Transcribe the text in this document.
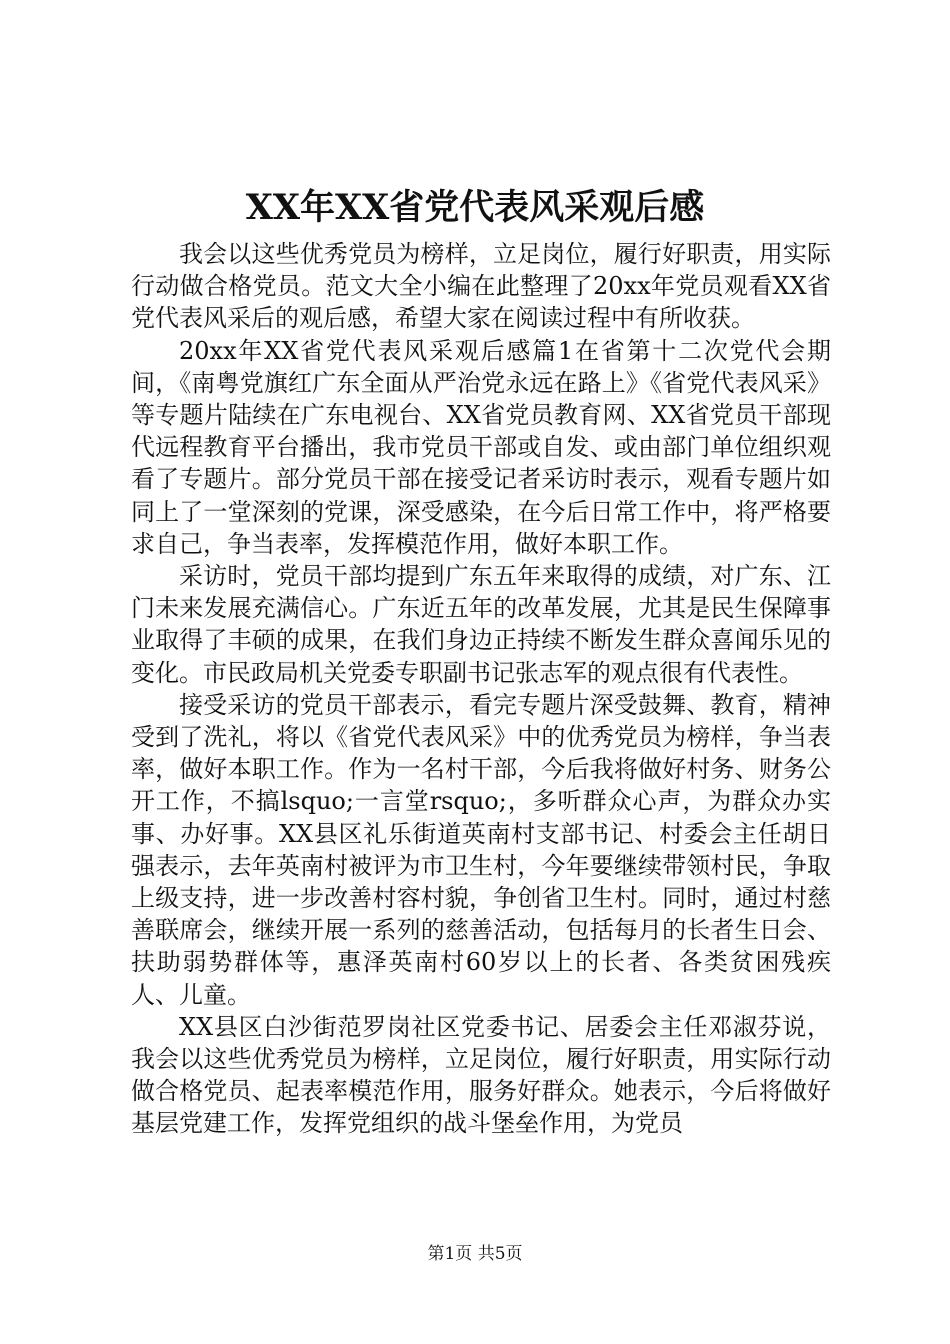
XX年XX省党代表风采观后感

我会以这些优秀党员为榜样，立足岗位，履行好职责，用实际行动做合格党员。范文大全小编在此整理了20xx年党员观看XX省党代表风采后的观后感，希望大家在阅读过程中有所收获。

20xx年XX省党代表风采观后感篇1在省第十二次党代会期间，《南粤党旗红广东全面从严治党永远在路上》《省党代表风采》等专题片陆续在广东电视台、XX省党员教育网、XX省党员干部现代远程教育平台播出，我市党员干部或自发、或由部门单位组织观看了专题片。部分党员干部在接受记者采访时表示，观看专题片如同上了一堂深刻的党课，深受感染，在今后日常工作中，将严格要求自己，争当表率，发挥模范作用，做好本职工作。

采访时，党员干部均提到广东五年来取得的成绩，对广东、江门未来发展充满信心。广东近五年的改革发展，尤其是民生保障事业取得了丰硕的成果，在我们身边正持续不断发生群众喜闻乐见的变化。市民政局机关党委专职副书记张志军的观点很有代表性。

接受采访的党员干部表示，看完专题片深受鼓舞、教育，精神受到了洗礼，将以《省党代表风采》中的优秀党员为榜样，争当表率，做好本职工作。作为一名村干部，今后我将做好村务、财务公开工作，不搞lsquo;一言堂rsquo;，多听群众心声，为群众办实事、办好事。XX县区礼乐街道英南村支部书记、村委会主任胡日强表示，去年英南村被评为市卫生村，今年要继续带领村民，争取上级支持，进一步改善村容村貌，争创省卫生村。同时，通过村慈善联席会，继续开展一系列的慈善活动，包括每月的长者生日会、扶助弱势群体等，惠泽英南村60岁以上的长者、各类贫困残疾人、儿童。

XX县区白沙街范罗岗社区党委书记、居委会主任邓淑芬说，我会以这些优秀党员为榜样，立足岗位，履行好职责，用实际行动做合格党员、起表率模范作用，服务好群众。她表示，今后将做好基层党建工作，发挥党组织的战斗堡垒作用，为党员

第1页 共5页
